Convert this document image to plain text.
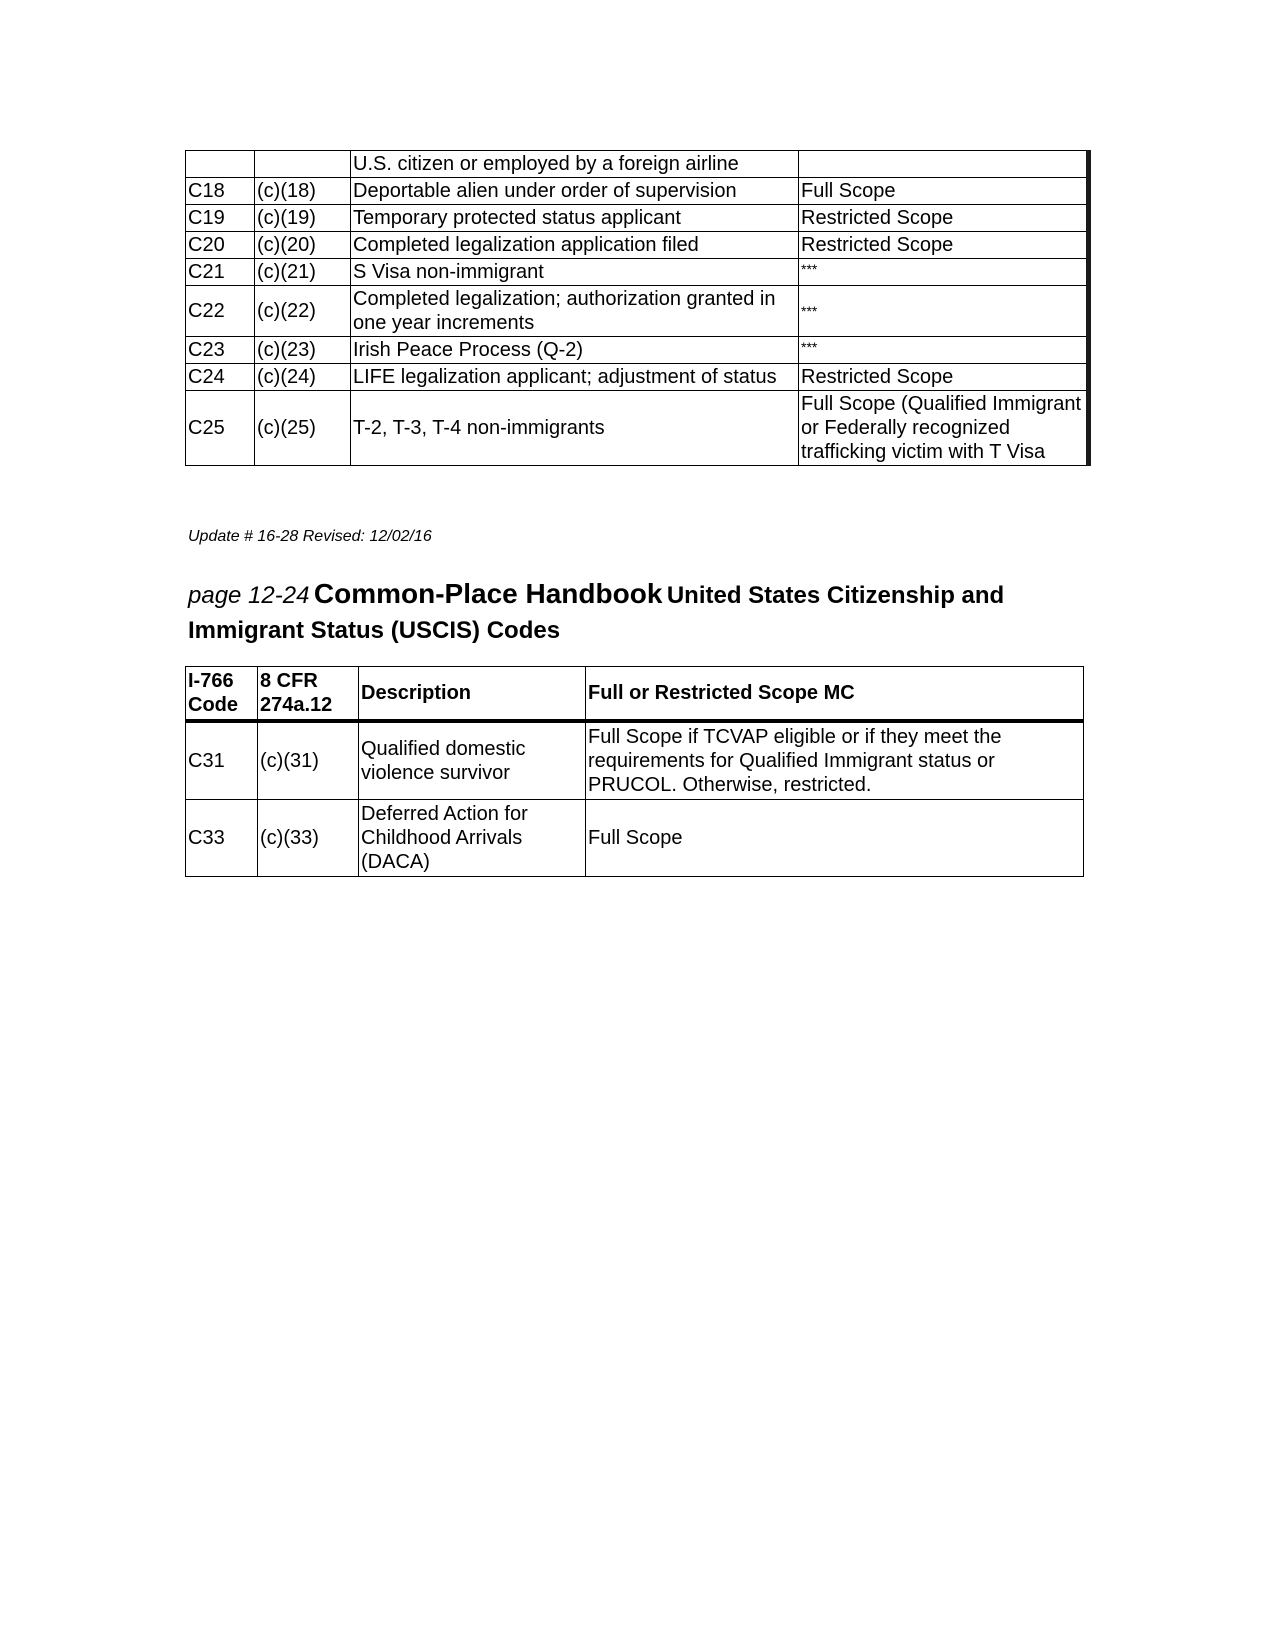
		U.S. citizen or employed by a foreign airline	
C18	(c)(18)	Deportable alien under order of supervision	Full Scope
C19	(c)(19)	Temporary protected status applicant	Restricted Scope
C20	(c)(20)	Completed legalization application filed	Restricted Scope
C21	(c)(21)	S Visa non-immigrant	***
C22	(c)(22)	Completed legalization; authorization granted in one year increments	***
C23	(c)(23)	Irish Peace Process (Q-2)	***
C24	(c)(24)	LIFE legalization applicant; adjustment of status	Restricted Scope
C25	(c)(25)	T-2, T-3, T-4 non-immigrants	Full Scope (Qualified Immigrant or Federally recognized trafficking victim with T Visa
Update # 16-28 Revised: 12/02/16
page 12-24 Common-Place Handbook United States Citizenship and Immigrant Status (USCIS) Codes
I-766 Code	8 CFR 274a.12	Description	Full or Restricted Scope MC
C31	(c)(31)	Qualified domestic violence survivor	Full Scope if TCVAP eligible or if they meet the requirements for Qualified Immigrant status or PRUCOL. Otherwise, restricted.
C33	(c)(33)	Deferred Action for Childhood Arrivals (DACA)	Full Scope
